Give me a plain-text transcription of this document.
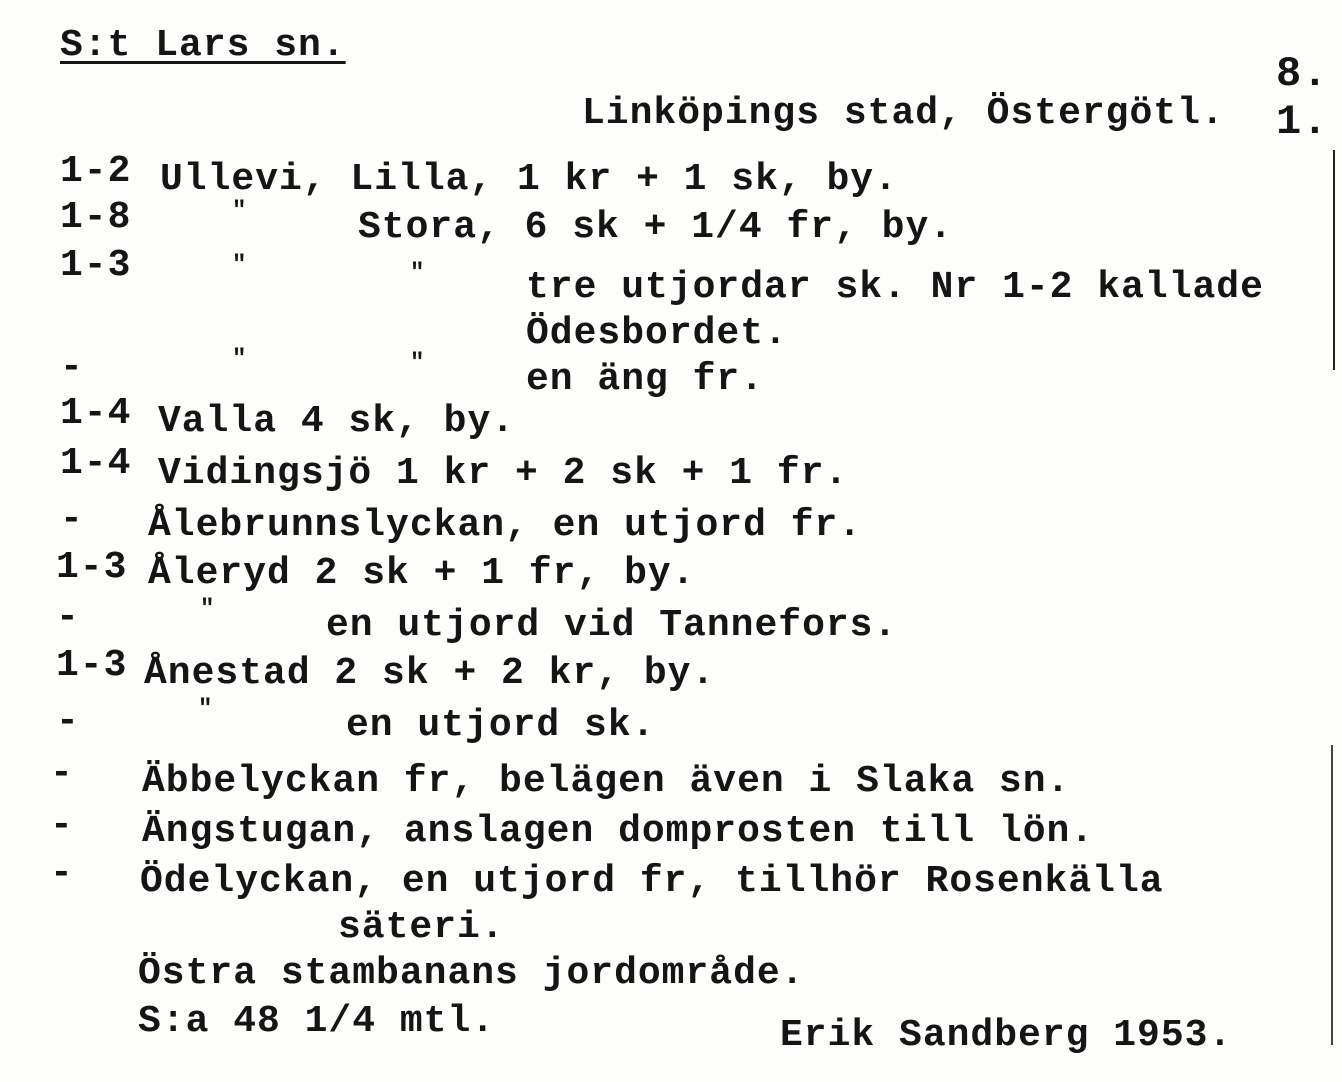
S:t Lars sn.
8.
Linköpings stad, Östergötl. 1.
1-2 Ullevi, Lilla, 1 kr + 1 sk, by.
1-8	"	Stora, 6 sk + 1/4 fr, by.
1-3	"	"	tre utjordar sk. Nr 1-2 kallade
Ödesbordet.
-	"	"	en äng fr.
1-4 Valla 4 sk, by.
1-4 Vidingsjö 1 kr + 2 sk + 1 fr.
- Ålebrunnslyckan, en utjord fr.
1-3 Åleryd 2 sk + 1 fr, by.
-	"	en utjord vid Tannefors.
1-3 Ånestad 2 sk + 2 kr, by.
-	"	en utjord sk.
- Äbbelyckan fr, belägen även i Slaka sn.
- Ängstugan, anslagen domprosten till lön.
- Ödelyckan, en utjord fr, tillhör Rosenkälla
säteri.
Östra stambanans jordområde.
S:a 48 1/4 mtl.	Erik Sandberg 1953.
